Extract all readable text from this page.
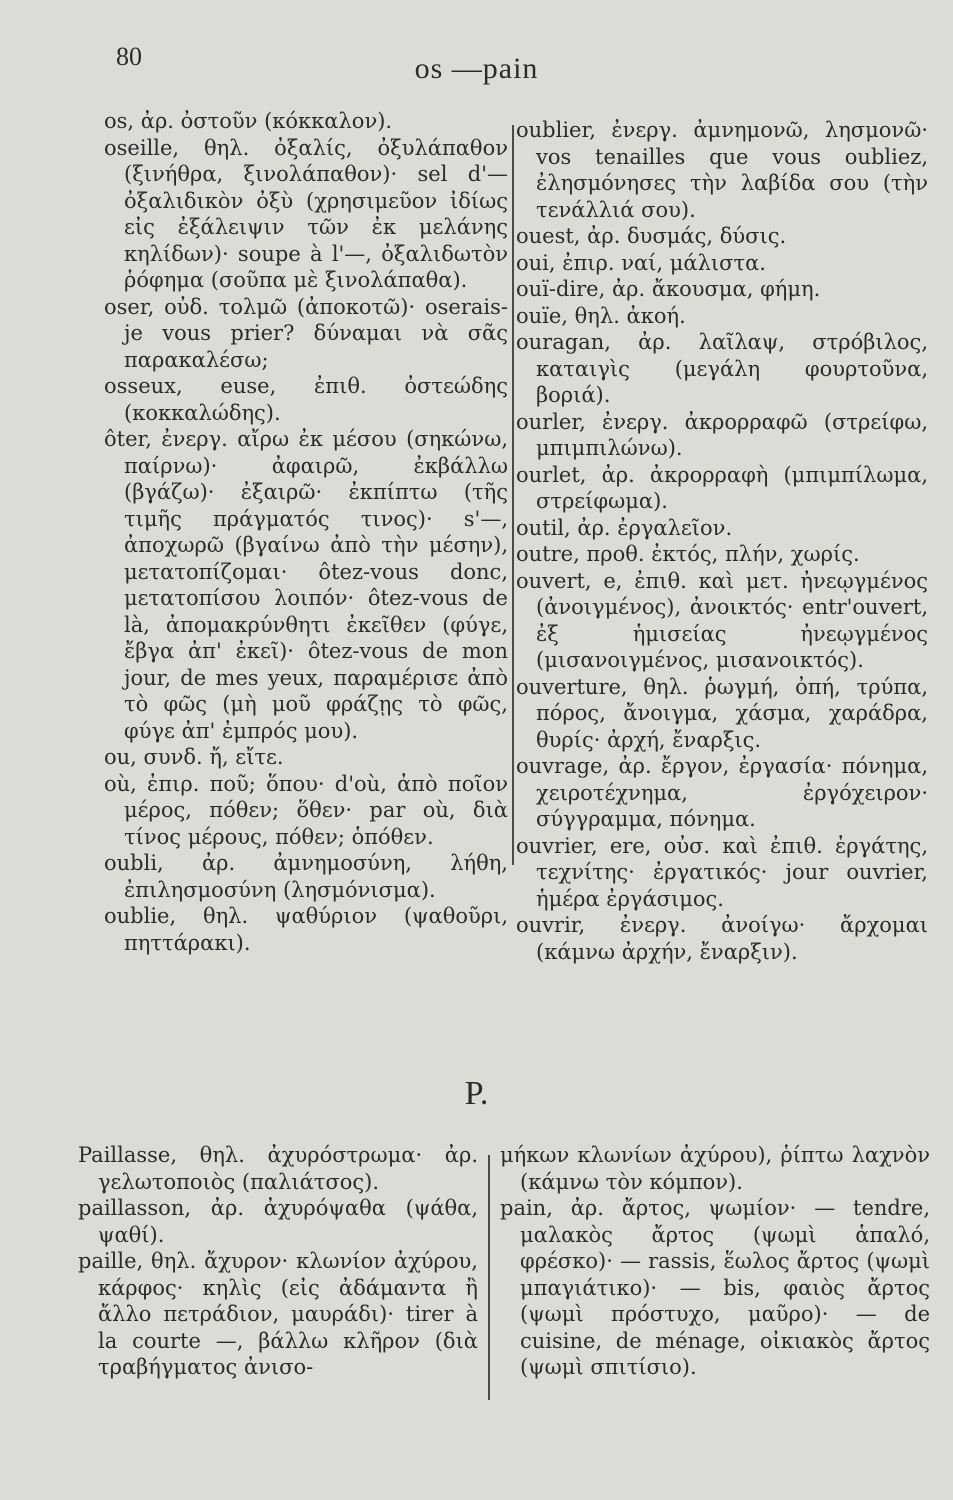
80	os —pain

os, ἀρ. ὀστοῦν (κόκκαλον).

oseille, θηλ. ὀξαλίς, ὀξυλάπαθον (ξινήθρα, ξινολάπαθον)· sel d'— ὀξαλιδικὸν ὀξὺ (χρησιμεῦον ἰδίως εἰς ἐξάλειψιν τῶν ἐκ μελάνης κηλίδων)· soupe à l'—, ὀξαλιδωτὸν ῥόφημα (σοῦπα μὲ ξινολάπαθα).

oser, οὐδ. τολμῶ (ἀποκοτῶ)· oserais-je vous prier? δύναμαι νὰ σᾶς παρακαλέσω;

osseux, euse, ἐπιθ. ὀστεώδης (κοκκαλώδης).

ôter, ἐνεργ. αἴρω ἐκ μέσου (σηκώνω, παίρνω)· ἀφαιρῶ, ἐκβάλλω (βγάζω)· ἐξαιρῶ· ἐκπίπτω (τῆς τιμῆς πράγματός τινος)· s'—, ἀποχωρῶ (βγαίνω ἀπὸ τὴν μέσην), μετατοπίζομαι· ôtez-vous donc, μετατοπίσου λοιπόν· ôtez-vous de là, ἀπομακρύνθητι ἐκεῖθεν (φύγε, ἔβγα ἀπ' ἐκεῖ)· ôtez-vous de mon jour, de mes yeux, παραμέρισε ἀπὸ τὸ φῶς (μὴ μοῦ φράζῃς τὸ φῶς, φύγε ἀπ' ἐμπρός μου).

ou, συνδ. ἤ, εἴτε.

où, ἐπιρ. ποῦ; ὅπου· d'où, ἀπὸ ποῖον μέρος, πόθεν; ὅθεν· par où, διὰ τίνος μέρους, πόθεν; ὁπόθεν.

oubli, ἀρ. ἀμνημοσύνη, λήθη, ἐπιλησμοσύνη (λησμόνισμα).

oublie, θηλ. ψαθύριον (ψαθοῦρι, πηττάρακι).

oublier, ἐνεργ. ἀμνημονῶ, λησμονῶ· vos tenailles que vous oubliez, ἐλησμόνησες τὴν λαβίδα σου (τὴν τενάλλιά σου).

ouest, ἀρ. δυσμάς, δύσις.

oui, ἐπιρ. ναί, μάλιστα.

ouï-dire, ἀρ. ἄκουσμα, φήμη.

ouïe, θηλ. ἀκοή.

ouragan, ἀρ. λαῖλαψ, στρόβιλος, καταιγὶς (μεγάλη φουρτοῦνα, βοριά).

ourler, ἐνεργ. ἀκρορραφῶ (στρείφω, μπιμπιλώνω).

ourlet, ἀρ. ἀκρορραφὴ (μπιμπίλωμα, στρείφωμα).

outil, ἀρ. ἐργαλεῖον.

outre, προθ. ἐκτός, πλήν, χωρίς.

ouvert, e, ἐπιθ. καὶ μετ. ἠνεῳγμένος (ἀνοιγμένος), ἀνοικτός· entr'ouvert, ἐξ ἡμισείας ἠνεῳγμένος (μισανοιγμένος, μισανοικτός).

ouverture, θηλ. ῥωγμή, ὀπή, τρύπα, πόρος, ἄνοιγμα, χάσμα, χαράδρα, θυρίς· ἀρχή, ἔναρξις.

ouvrage, ἀρ. ἔργον, ἐργασία· πόνημα, χειροτέχνημα, ἐργόχειρον· σύγγραμμα, πόνημα.

ouvrier, ere, οὐσ. καὶ ἐπιθ. ἐργάτης, τεχνίτης· ἐργατικός· jour ouvrier, ἡμέρα ἐργάσιμος.

ouvrir, ἐνεργ. ἀνοίγω· ἄρχομαι (κάμνω ἀρχήν, ἔναρξιν).

P.

Paillasse, θηλ. ἀχυρόστρωμα· ἀρ. γελωτοποιὸς (παλιάτσος).

paillasson, ἀρ. ἀχυρόψαθα (ψάθα, ψαθί).

paille, θηλ. ἄχυρον· κλωνίον ἀχύρου, κάρφος· κηλὶς (εἰς ἀδάμαντα ἢ ἄλλο πετράδιον, μαυράδι)· tirer à la courte —, βάλλω κλῆρον (διὰ τραβήγματος ἀνισο-

μήκων κλωνίων ἀχύρου), ῥίπτω λαχνὸν (κάμνω τὸν κόμπον).

pain, ἀρ. ἄρτος, ψωμίον· — tendre, μαλακὸς ἄρτος (ψωμὶ ἁπαλό, φρέσκο)· — rassis, ἕωλος ἄρτος (ψωμὶ μπαγιάτικο)· — bis, φαιὸς ἄρτος (ψωμὶ πρόστυχο, μαῦρο)· — de cuisine, de ménage, οἰκιακὸς ἄρτος (ψωμὶ σπιτίσιο).
